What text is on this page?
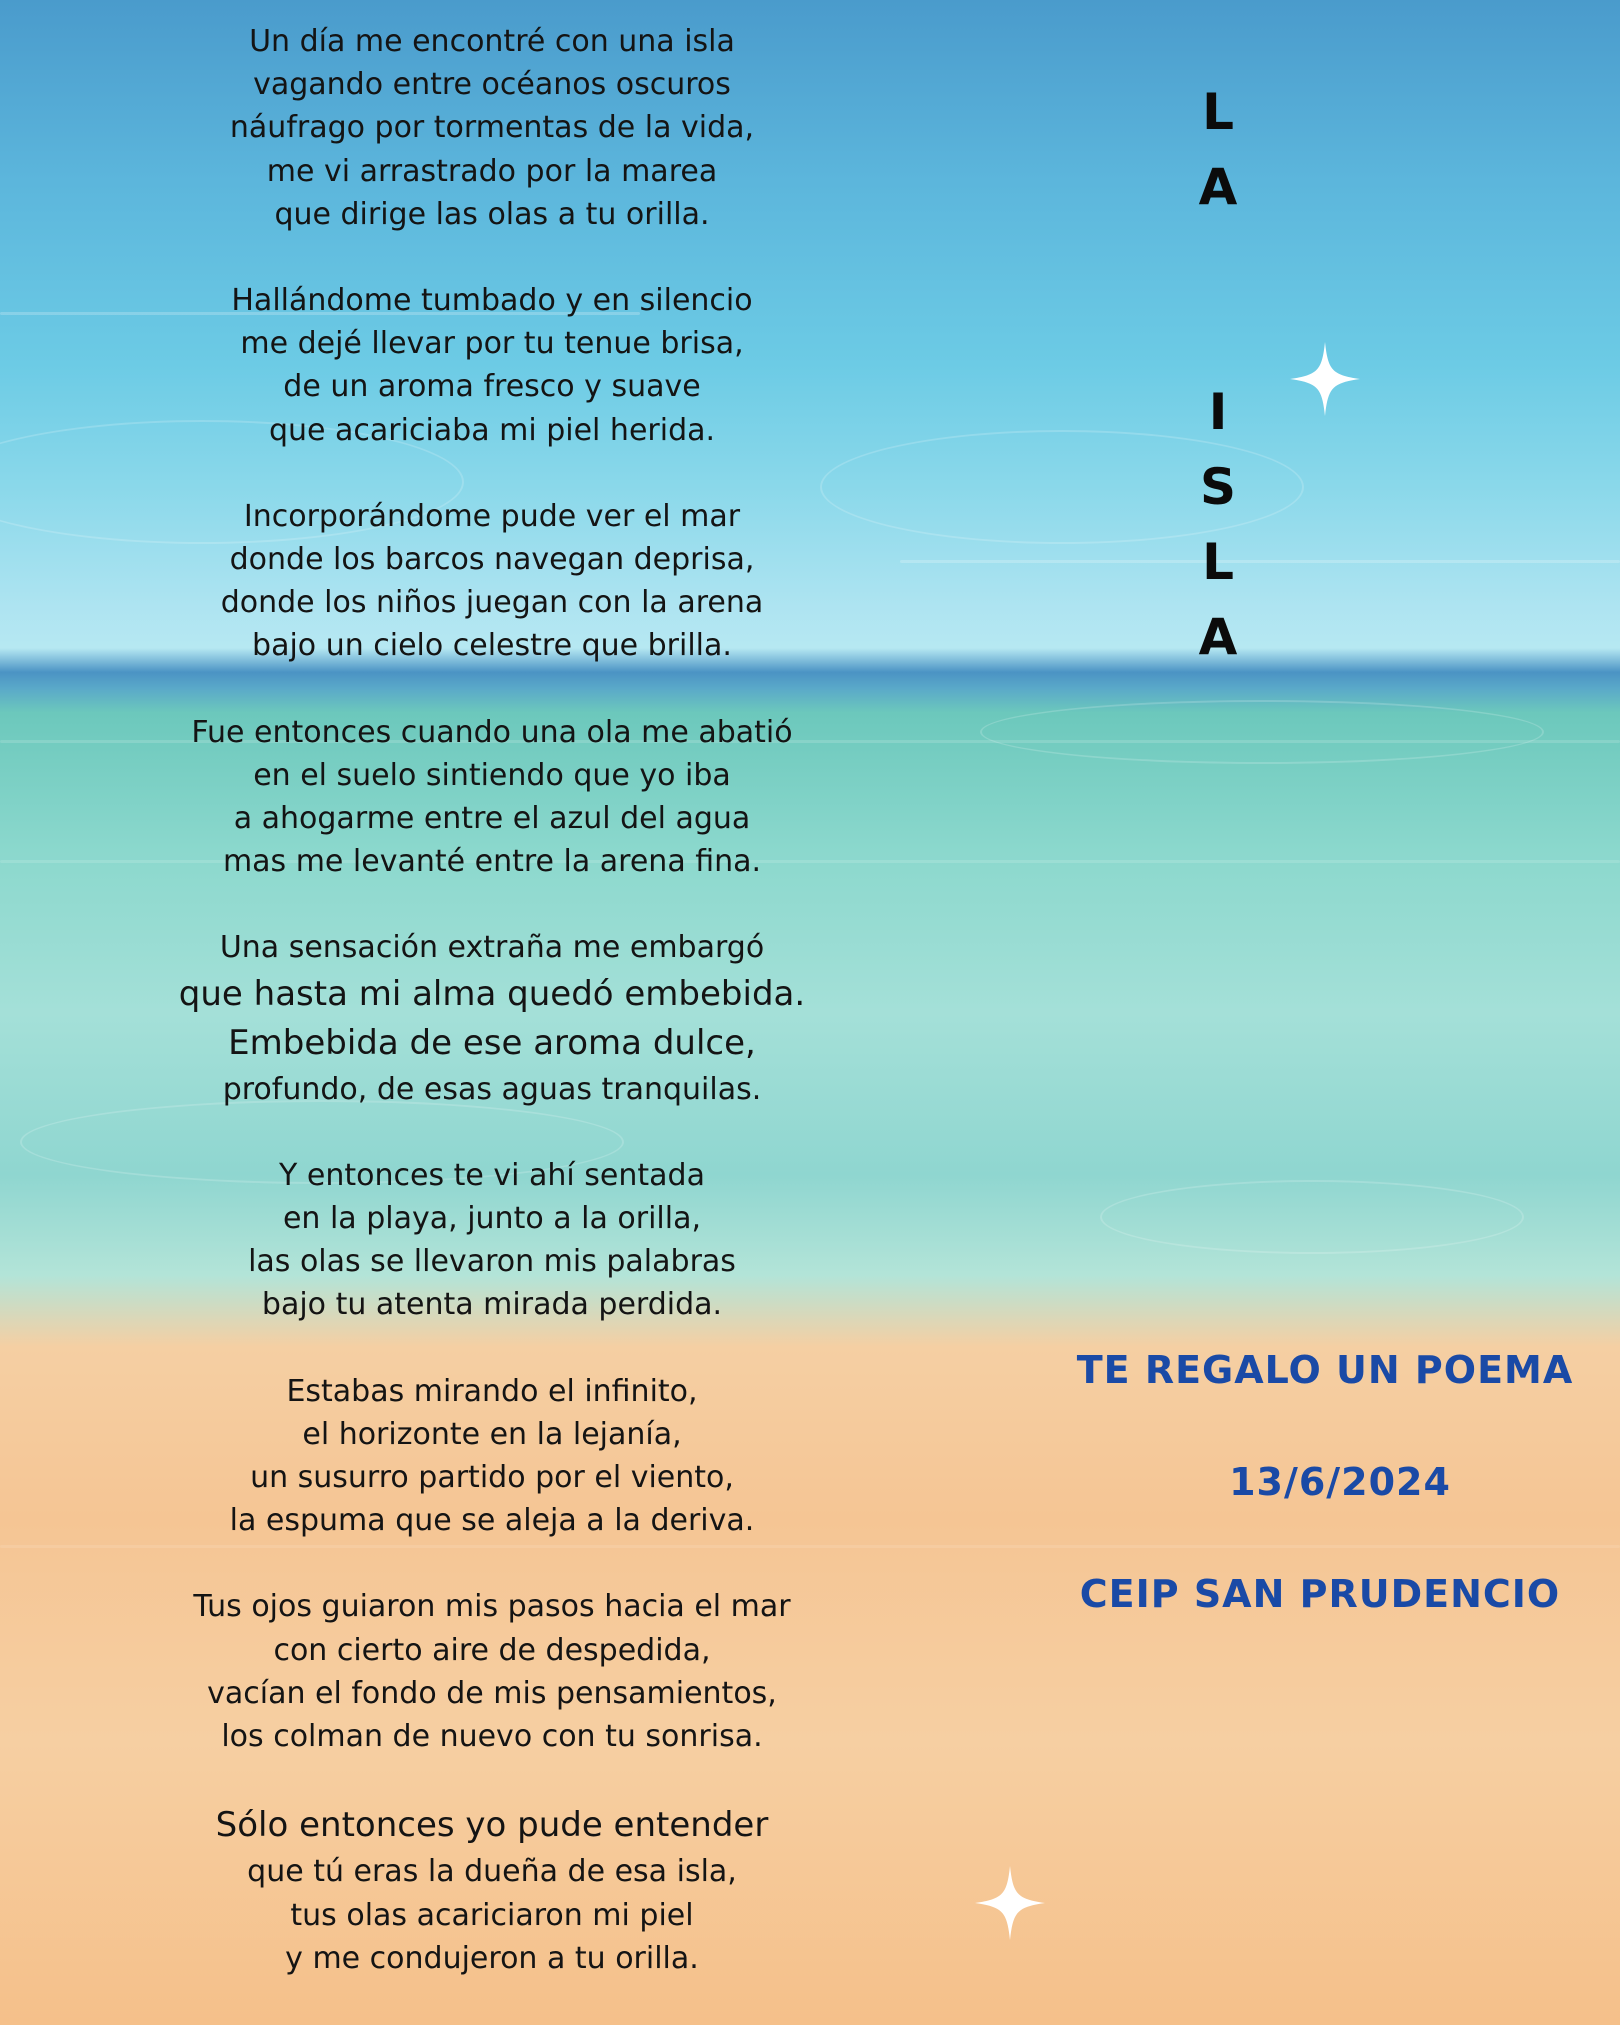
Un día me encontré con una isla
vagando entre océanos oscuros
náufrago por tormentas de la vida,
me vi arrastrado por la marea
que dirige las olas a tu orilla.
Hallándome tumbado y en silencio
me dejé llevar por tu tenue brisa,
de un aroma fresco y suave
que acariciaba mi piel herida.
Incorporándome pude ver el mar
donde los barcos navegan deprisa,
donde los niños juegan con la arena
bajo un cielo celestre que brilla.
Fue entonces cuando una ola me abatió
en el suelo sintiendo que yo iba
a ahogarme entre el azul del agua
mas me levanté entre la arena fina.
Una sensación extraña me embargó
que hasta mi alma quedó embebida.
Embebida de ese aroma dulce,
profundo, de esas aguas tranquilas.
Y entonces te vi ahí sentada
en la playa, junto a la orilla,
las olas se llevaron mis palabras
bajo tu atenta mirada perdida.
Estabas mirando el infinito,
el horizonte en la lejanía,
un susurro partido por el viento,
la espuma que se aleja a la deriva.
Tus ojos guiaron mis pasos hacia el mar
con cierto aire de despedida,
vacían el fondo de mis pensamientos,
los colman de nuevo con tu sonrisa.
Sólo entonces yo pude entender
que tú eras la dueña de esa isla,
tus olas acariciaron mi piel
y me condujeron a tu orilla.
L
A
I
S
L
A
TE REGALO UN POEMA
13/6/2024
CEIP SAN PRUDENCIO
